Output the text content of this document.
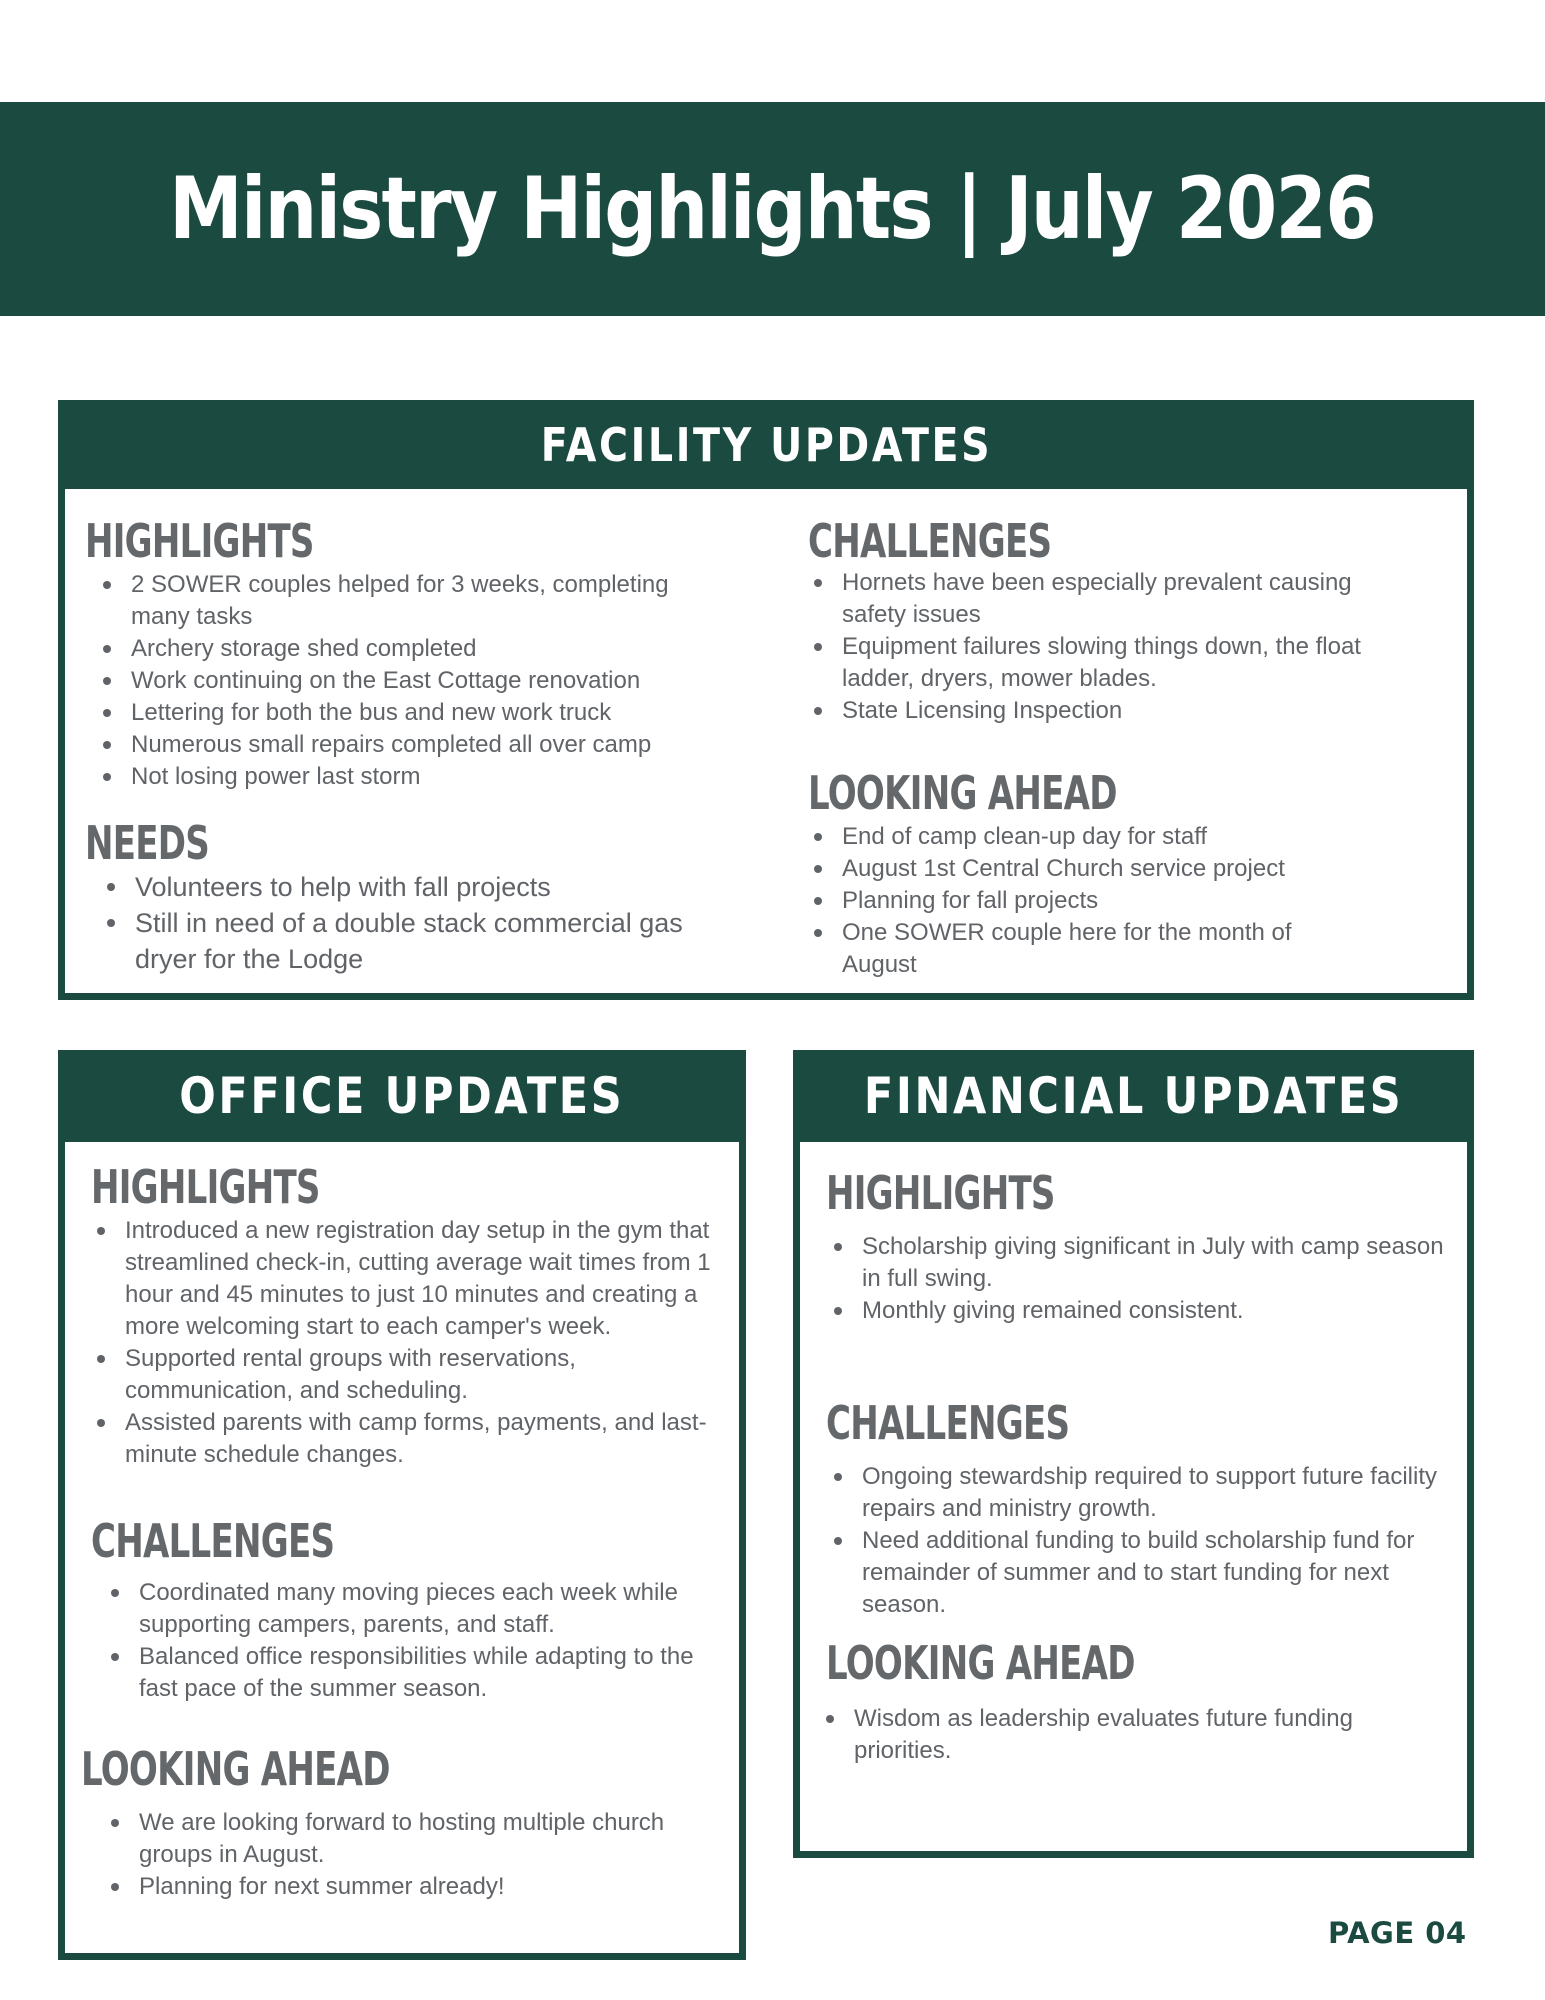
Ministry Highlights | July 2026
FACILITY UPDATES
HIGHLIGHTS
2 SOWER couples helped for 3 weeks, completing many tasks
Archery storage shed completed
Work continuing on the East Cottage renovation
Lettering for both the bus and new work truck
Numerous small repairs completed all over camp
Not losing power last storm
NEEDS
Volunteers to help with fall projects
Still in need of a double stack commercial gas dryer for the Lodge
CHALLENGES
Hornets have been especially prevalent causing safety issues
Equipment failures slowing things down, the float ladder, dryers, mower blades.
State Licensing Inspection
LOOKING AHEAD
End of camp clean-up day for staff
August 1st Central Church service project
Planning for fall projects
One SOWER couple here for the month of August
OFFICE UPDATES
HIGHLIGHTS
Introduced a new registration day setup in the gym that streamlined check-in, cutting average wait times from 1 hour and 45 minutes to just 10 minutes and creating a more welcoming start to each camper's week.
Supported rental groups with reservations, communication, and scheduling.
Assisted parents with camp forms, payments, and last-minute schedule changes.
CHALLENGES
Coordinated many moving pieces each week while supporting campers, parents, and staff.
Balanced office responsibilities while adapting to the fast pace of the summer season.
LOOKING AHEAD
We are looking forward to hosting multiple church groups in August.
Planning for next summer already!
FINANCIAL UPDATES
HIGHLIGHTS
Scholarship giving significant in July with camp season in full swing.
Monthly giving remained consistent.
CHALLENGES
Ongoing stewardship required to support future facility repairs and ministry growth.
Need additional funding to build scholarship fund for remainder of summer and to start funding for next season.
LOOKING AHEAD
Wisdom as leadership evaluates future funding priorities.
PAGE 04
